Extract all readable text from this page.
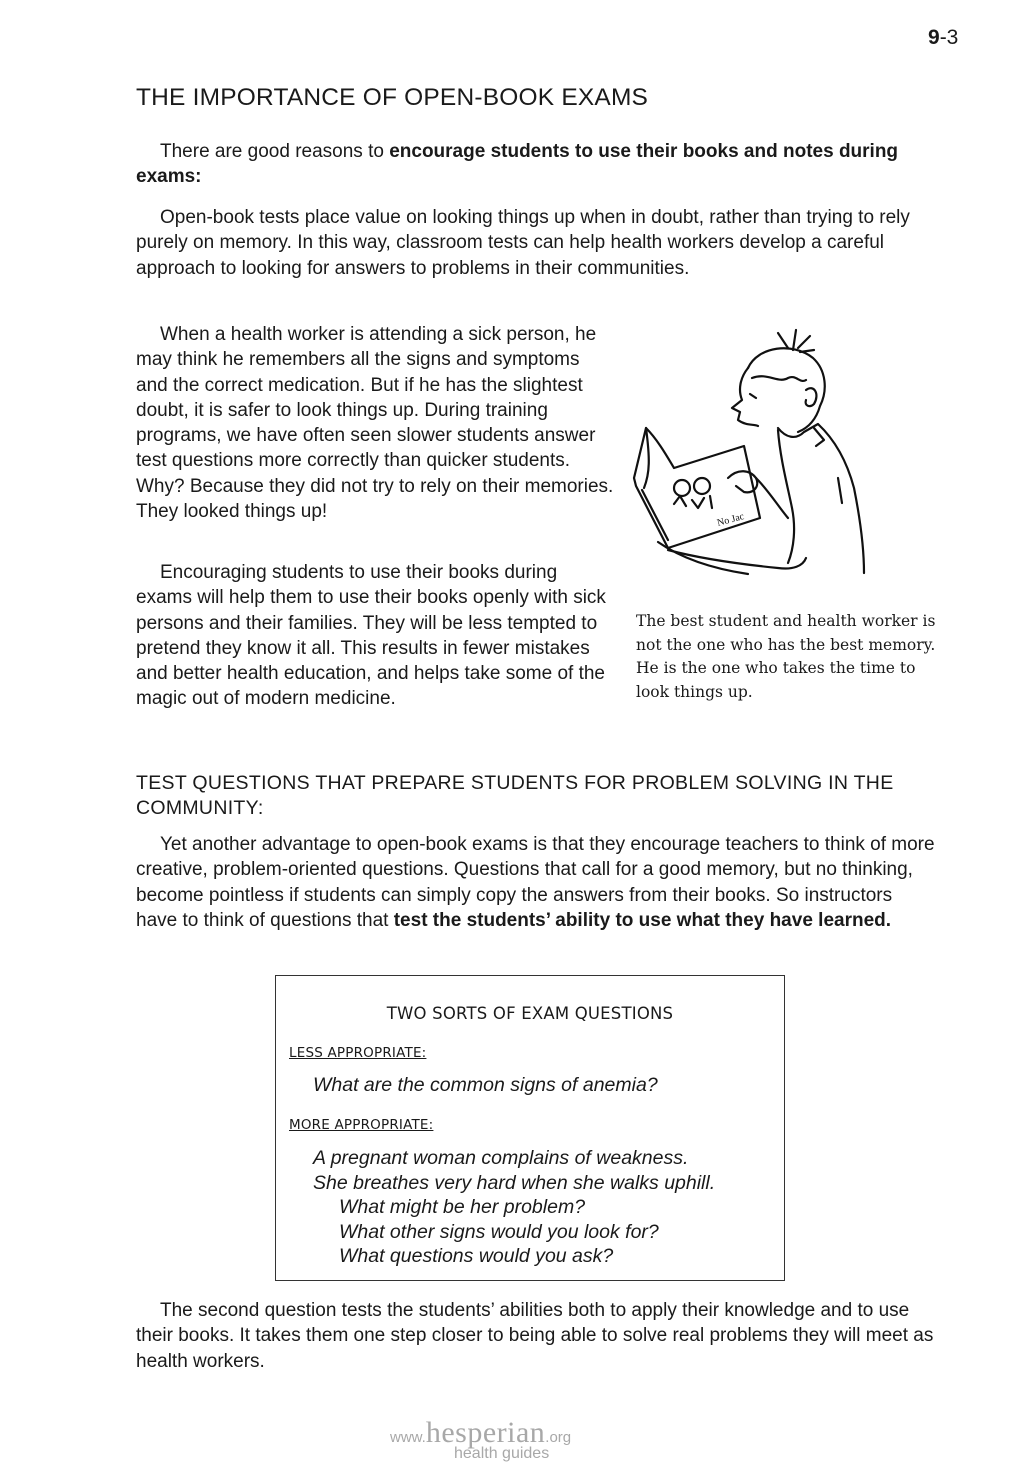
9-3
THE IMPORTANCE OF OPEN-BOOK EXAMS

There are good reasons to encourage students to use their books and notes during exams:

Open-book tests place value on looking things up when in doubt, rather than trying to rely purely on memory. In this way, classroom tests can help health workers develop a careful approach to looking for answers to problems in their communities.

When a health worker is attending a sick person, he may think he remembers all the signs and symptoms and the correct medication. But if he has the slightest doubt, it is safer to look things up. During training programs, we have often seen slower students answer test questions more correctly than quicker students. Why? Because they did not try to rely on their memories. They looked things up!

Encouraging students to use their books during exams will help them to use their books openly with sick persons and their families. They will be less tempted to pretend they know it all. This results in fewer mistakes and better health education, and helps take some of the magic out of modern medicine.

No Jac

The best student and health worker is not the one who has the best memory. He is the one who takes the time to look things up.

TEST QUESTIONS THAT PREPARE STUDENTS FOR PROBLEM SOLVING IN THE COMMUNITY:

Yet another advantage to open-book exams is that they encourage teachers to think of more creative, problem-oriented questions. Questions that call for a good memory, but no thinking, become pointless if students can simply copy the answers from their books. So instructors have to think of questions that test the students’ ability to use what they have learned.

TWO SORTS OF EXAM QUESTIONS
LESS APPROPRIATE:
What are the common signs of anemia?
MORE APPROPRIATE:
A pregnant woman complains of weakness.
She breathes very hard when she walks uphill.
What might be her problem?
What other signs would you look for?
What questions would you ask?

The second question tests the students’ abilities both to apply their knowledge and to use their books. It takes them one step closer to being able to solve real problems they will meet as health workers.

www.hesperian.org
health guides
